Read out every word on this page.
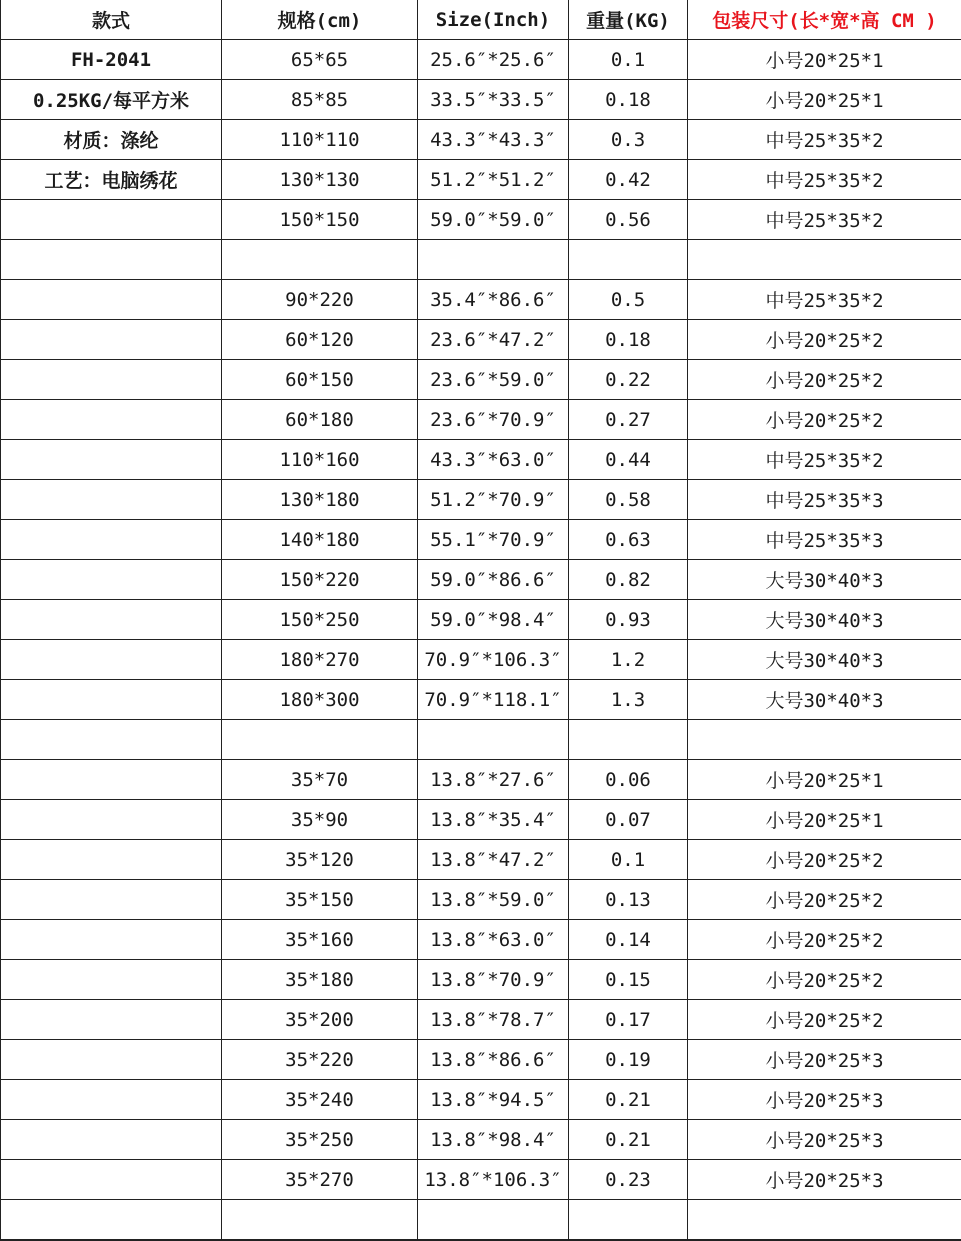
款式	规格(cm)	Size(Inch)	重量(KG)	包装尺寸(长*宽*高 CM )
FH-2041	65*65	25.6″*25.6″	0.1	小号20*25*1
0.25KG/每平方米	85*85	33.5″*33.5″	0.18	小号20*25*1
材质：涤纶	110*110	43.3″*43.3″	0.3	中号25*35*2
工艺：电脑绣花	130*130	51.2″*51.2″	0.42	中号25*35*2
	150*150	59.0″*59.0″	0.56	中号25*35*2

	90*220	35.4″*86.6″	0.5	中号25*35*2
	60*120	23.6″*47.2″	0.18	小号20*25*2
	60*150	23.6″*59.0″	0.22	小号20*25*2
	60*180	23.6″*70.9″	0.27	小号20*25*2
	110*160	43.3″*63.0″	0.44	中号25*35*2
	130*180	51.2″*70.9″	0.58	中号25*35*3
	140*180	55.1″*70.9″	0.63	中号25*35*3
	150*220	59.0″*86.6″	0.82	大号30*40*3
	150*250	59.0″*98.4″	0.93	大号30*40*3
	180*270	70.9″*106.3″	1.2	大号30*40*3
	180*300	70.9″*118.1″	1.3	大号30*40*3

	35*70	13.8″*27.6″	0.06	小号20*25*1
	35*90	13.8″*35.4″	0.07	小号20*25*1
	35*120	13.8″*47.2″	0.1	小号20*25*2
	35*150	13.8″*59.0″	0.13	小号20*25*2
	35*160	13.8″*63.0″	0.14	小号20*25*2
	35*180	13.8″*70.9″	0.15	小号20*25*2
	35*200	13.8″*78.7″	0.17	小号20*25*2
	35*220	13.8″*86.6″	0.19	小号20*25*3
	35*240	13.8″*94.5″	0.21	小号20*25*3
	35*250	13.8″*98.4″	0.21	小号20*25*3
	35*270	13.8″*106.3″	0.23	小号20*25*3
